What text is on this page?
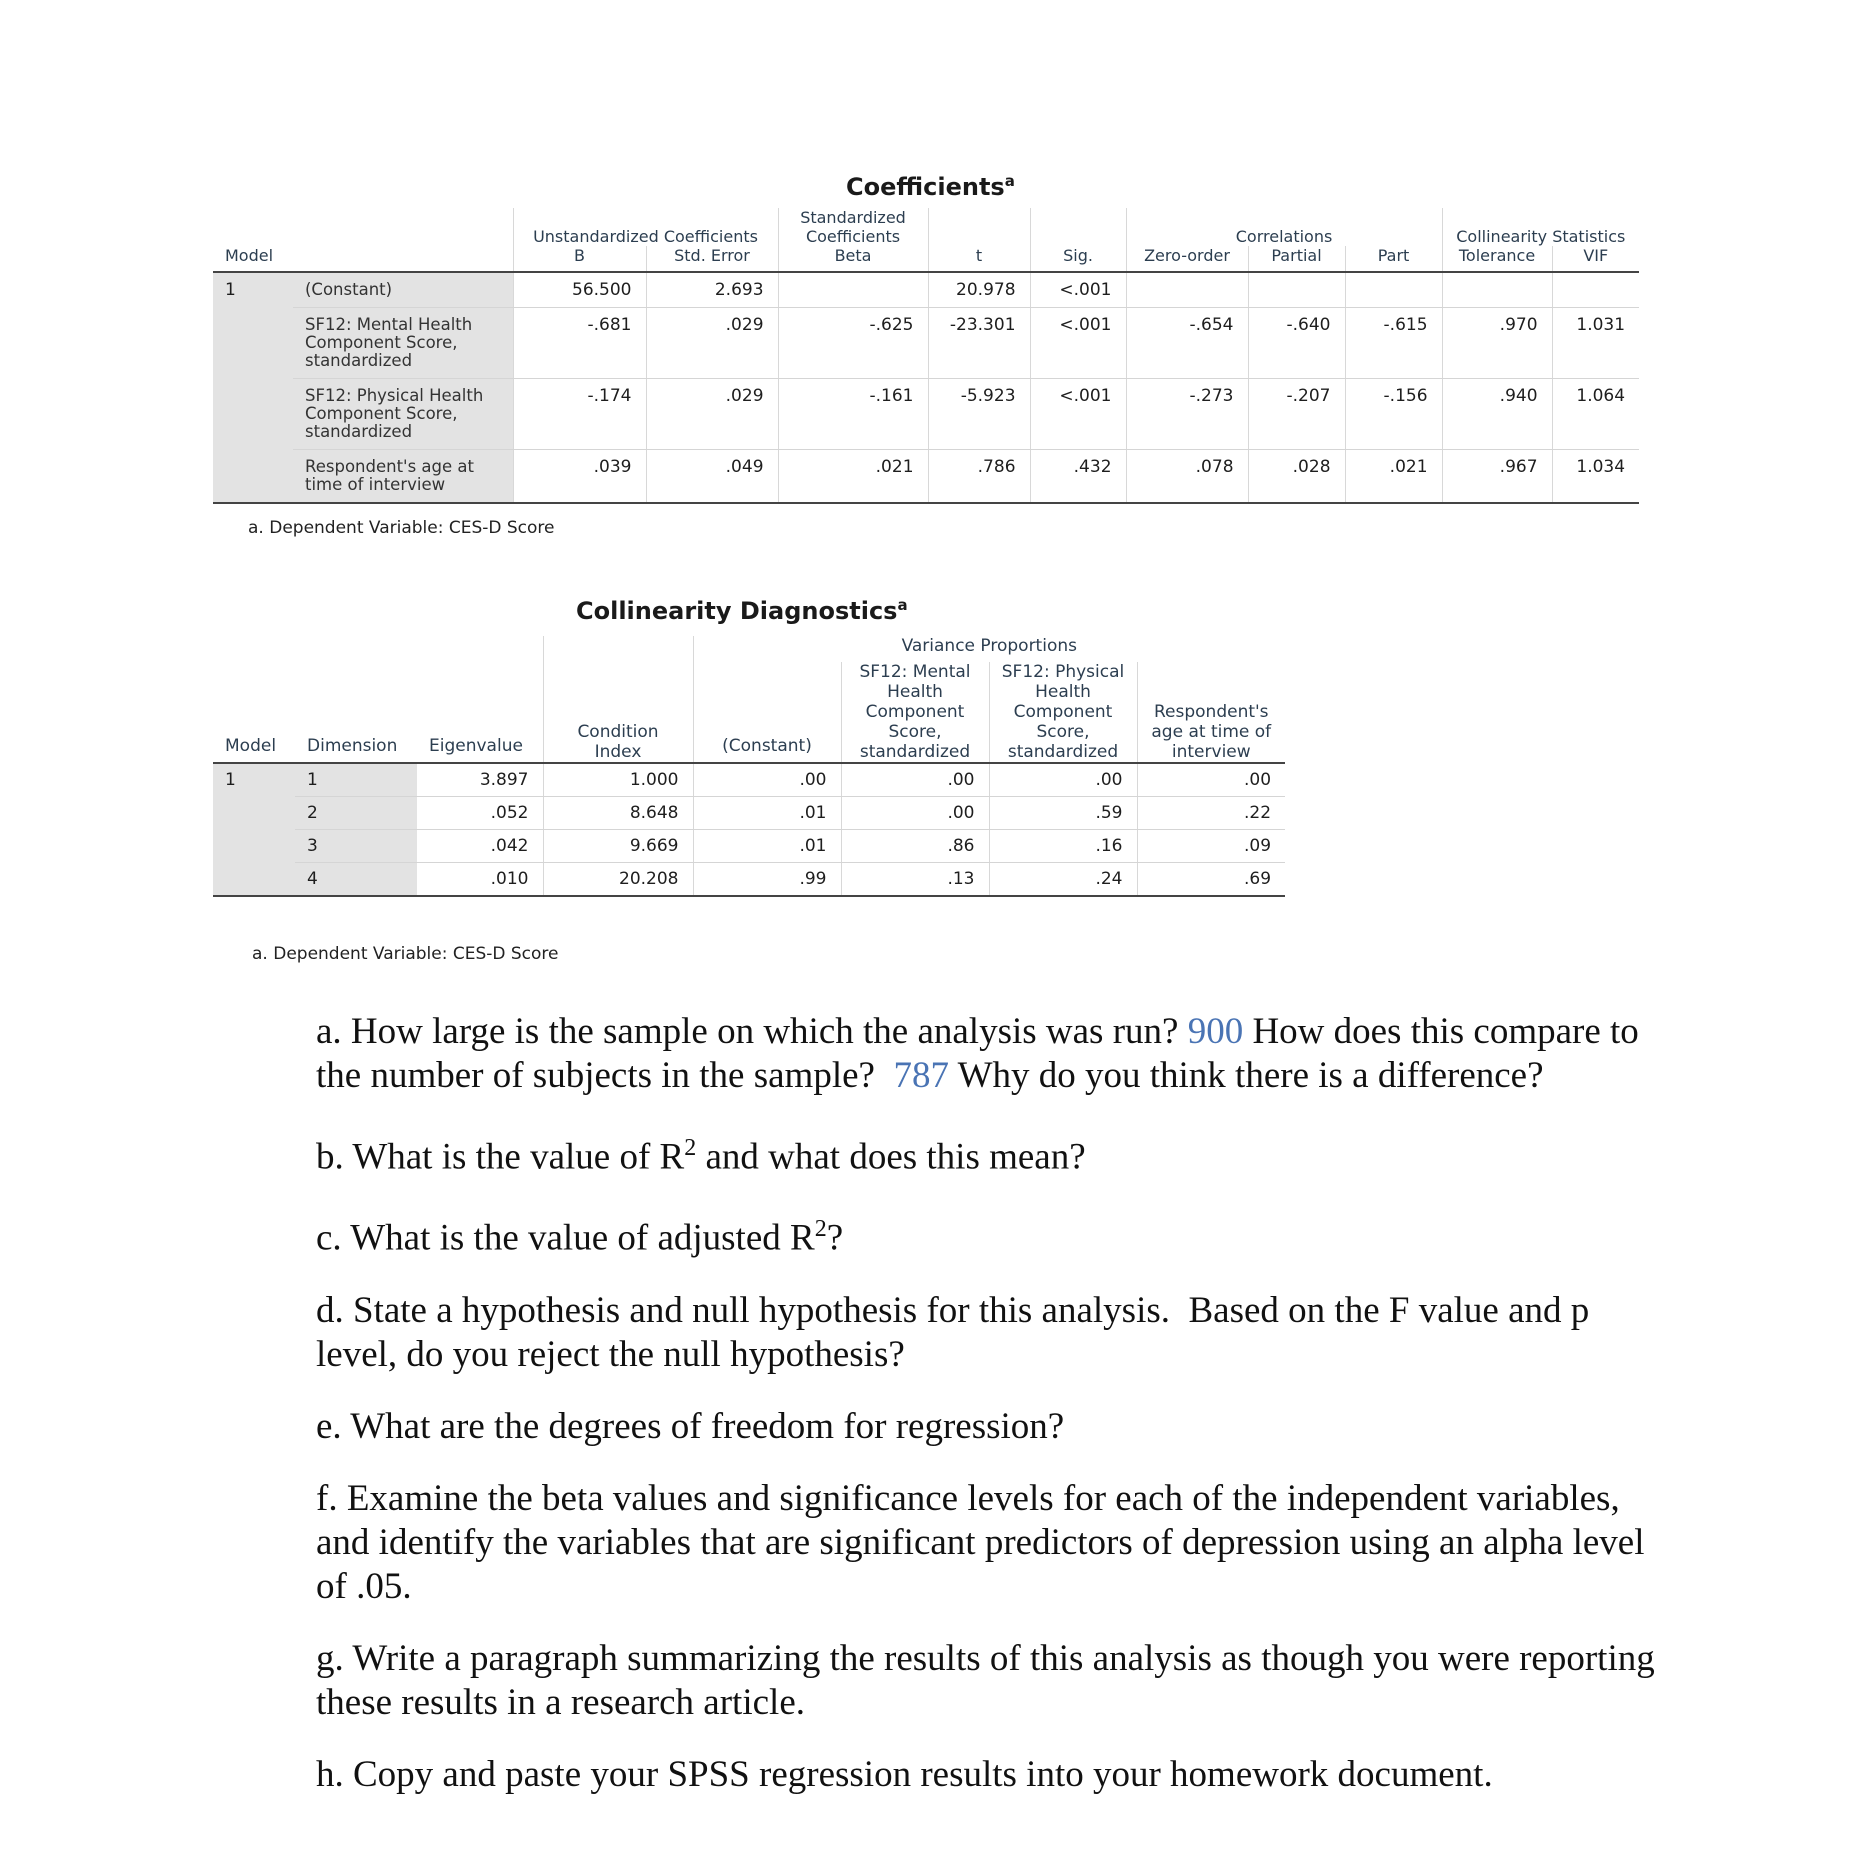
Coefficients$^a$
		Unstandardized Coefficients		Standardized
Coefficients			Correlations			Collinearity Statistics	
Model		B	Std. Error	Beta	t	Sig.	Zero-order	Partial	Part	Tolerance	VIF
1	(Constant)	56.500	2.693		20.978	<.001					
	SF12: Mental Health Component Score, standardized	-.681	.029	-.625	-23.301	<.001	-.654	-.640	-.615	.970	1.031
	SF12: Physical Health Component Score, standardized	-.174	.029	-.161	-5.923	<.001	-.273	-.207	-.156	.940	1.064
	Respondent's age at time of interview	.039	.049	.021	.786	.432	.078	.028	.021	.967	1.034
a. Dependent Variable: CES-D Score
Collinearity Diagnostics$^a$
				Variance Proportions			
Model	Dimension	Eigenvalue	Condition Index	(Constant)	SF12: Mental Health Component Score, standardized	SF12: Physical Health Component Score, standardized	Respondent's age at time of interview
1	1	3.897	1.000	.00	.00	.00	.00
	2	.052	8.648	.01	.00	.59	.22
	3	.042	9.669	.01	.86	.16	.09
	4	.010	20.208	.99	.13	.24	.69
a. Dependent Variable: CES-D Score

a. How large is the sample on which the analysis was run? 900 How does this compare to the number of subjects in the sample? 787 Why do you think there is a difference?

b. What is the value of $R^2$ and what does this mean?

c. What is the value of adjusted $R^2$?

d. State a hypothesis and null hypothesis for this analysis.  Based on the F value and p level, do you reject the null hypothesis?

e. What are the degrees of freedom for regression?

f. Examine the beta values and significance levels for each of the independent variables, and identify the variables that are significant predictors of depression using an alpha level of .05.

g. Write a paragraph summarizing the results of this analysis as though you were reporting these results in a research article.

h. Copy and paste your SPSS regression results into your homework document.
